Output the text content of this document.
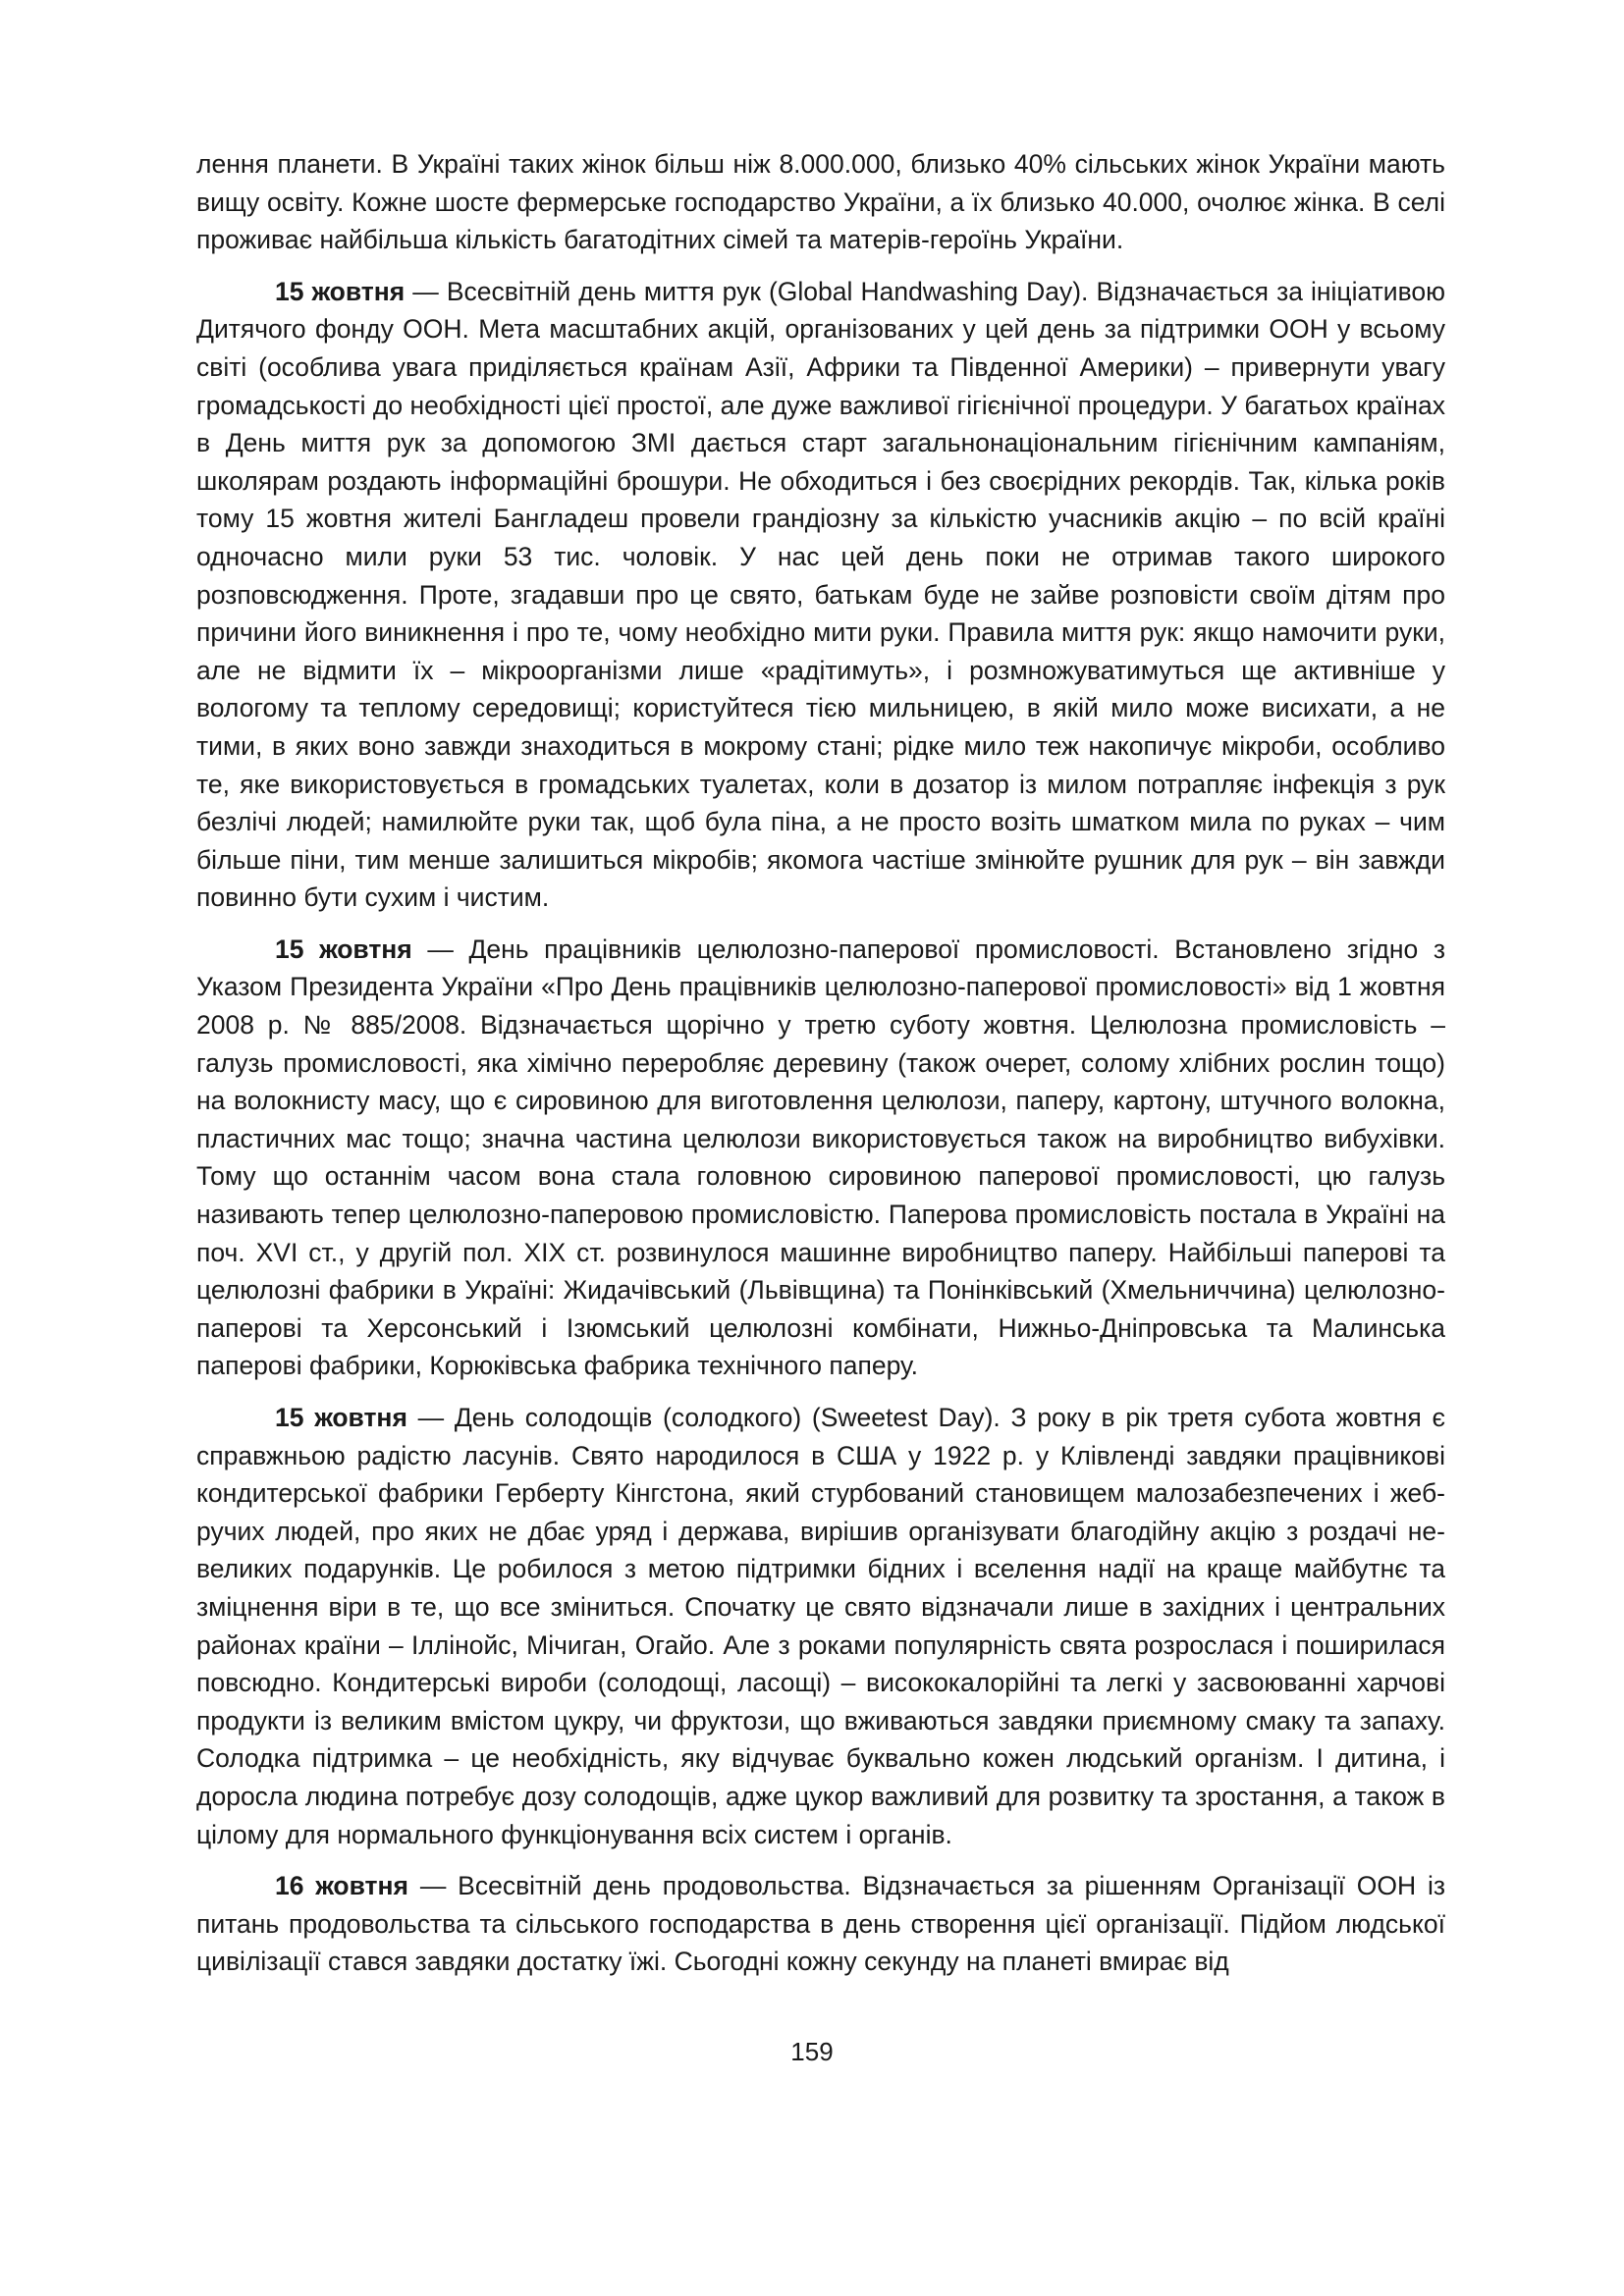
лення планети. В Україні таких жінок більш ніж 8.000.000, близько 40% сільських жінок України мають вищу освіту. Кожне шосте фермерське господарство України, а їх близько 40.000, очолює жінка. В селі проживає найбільша кількість багатодітних сімей та матерів-героїнь України.

15 жовтня — Всесвітній день миття рук (Global Handwashing Day). Відзначається за ініціативою Дитячого фонду ООН. Мета масштабних акцій, організованих у цей день за підтримки ООН у всьому світі (особлива увага приділяється країнам Азії, Африки та Південної Америки) – привернути увагу громадськості до необхідності цієї простої, але дуже важливої гігієнічної процедури. У багатьох країнах в День миття рук за допомогою ЗМІ дається старт загальнонаціональним гігієнічним кампаніям, школярам роздають інформаційні брошури. Не обходиться і без своєрідних рекордів. Так, кілька років тому 15 жовтня жителі Бангладеш провели грандіозну за кількістю учасників акцію – по всій країні одночасно мили руки 53 тис. чоловік. У нас цей день поки не отримав такого широкого розповсюдження. Проте, згадавши про це свято, батькам буде не зайве розповісти своїм дітям про причини його виникнення і про те, чому необхідно мити руки. Правила миття рук: якщо намочити руки, але не відмити їх – мікроорганізми лише «радітимуть», і розмножуватимуться ще активніше у вологому та теплому середовищі; користуйтеся тією мильницею, в якій мило може висихати, а не тими, в яких воно завжди знаходиться в мокрому стані; рідке мило теж накопичує мікроби, особливо те, яке використовується в громадських туалетах, коли в дозатор із милом потрапляє інфекція з рук безлічі людей; намилюйте руки так, щоб була піна, а не просто возіть шматком мила по руках – чим більше піни, тим менше залишиться мікробів; якомога частіше змінюйте рушник для рук – він завжди повинно бути сухим і чистим.

15 жовтня — День працівників целюлозно-паперової промисловості. Встановлено згідно з Указом Президента України «Про День працівників целюлозно-паперової промисловості» від 1 жовтня 2008 р. № 885/2008. Відзначається щорічно у третю суботу жовтня. Целюлозна промисловість – галузь промисловості, яка хімічно переробляє деревину (також очерет, солому хлібних рослин тощо) на волокнисту масу, що є сировиною для виготовлення целюлози, паперу, картону, штучного волокна, пластичних мас тощо; значна частина целюлози використовується також на виробництво вибухівки. Тому що останнім часом вона стала головною сировиною паперової промисловості, цю галузь називають тепер целюлозно-паперовою промисловістю. Паперова промисловість постала в Україні на поч. XVI ст., у другій пол. XIX ст. розвинулося машинне виробництво паперу. Найбільші паперові та целюлозні фабрики в Україні: Жидачівський (Львівщина) та Понінківський (Хмельниччина) целюлозно-паперові та Херсонський і Ізюмський целюлозні комбінати, Нижньо-Дніпровська та Малинська паперові фабрики, Корюківська фабрика технічного паперу.

15 жовтня — День солодощів (солодкого) (Sweetest Day). З року в рік третя субота жовтня є справжньою радістю ласунів. Свято народилося в США у 1922 р. у Клівленді завдяки працівникові кондитерської фабрики Герберту Кінгстона, який стурбований становищем малозабезпечених і жебручих людей, про яких не дбає уряд і держава, вирішив організувати благодійну акцію з роздачі невеликих подарунків. Це робилося з метою підтримки бідних і вселення надії на краще майбутнє та зміцнення віри в те, що все зміниться. Спочатку це свято відзначали лише в західних і центральних районах країни – Іллінойс, Мічиган, Огайо. Але з роками популярність свята розрослася і поширилася повсюдно. Кондитерські вироби (солодощі, ласощі) – висококалорійні та легкі у засвоюванні харчові продукти із великим вмістом цукру, чи фруктози, що вживаються завдяки приємному смаку та запаху. Солодка підтримка – це необхідність, яку відчуває буквально кожен людський організм. І дитина, і доросла людина потребує дозу солодощів, адже цукор важливий для розвитку та зростання, а також в цілому для нормального функціонування всіх систем і органів.

16 жовтня — Всесвітній день продовольства. Відзначається за рішенням Організації ООН із питань продовольства та сільського господарства в день створення цієї організації. Підйом людської цивілізації стався завдяки достатку їжі. Сьогодні кожну секунду на планеті вмирає від

159
